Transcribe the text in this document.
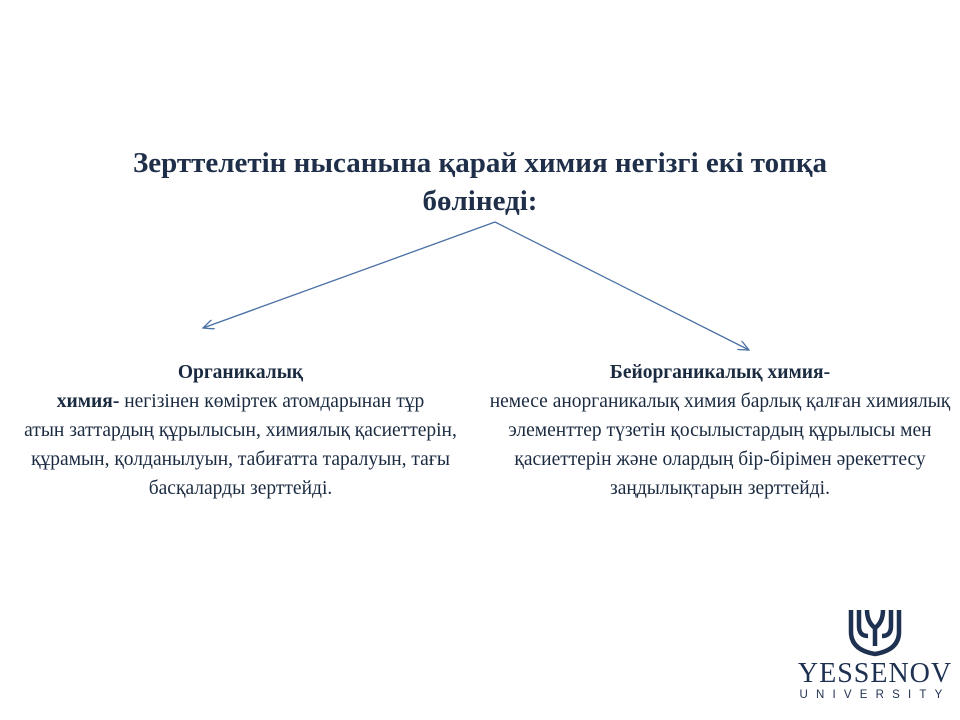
Зерттелетін нысанына қарай химия негізгі екі топқа бөлінеді:
Органикалық
химия- негізінен көміртек атомдарынан тұр
атын заттардың құрылысын, химиялық қасиеттерін, құрамын, қолданылуын, табиғатта таралуын, тағы басқаларды зерттейді.
Бейорганикалық химия-
немесе анорганикалық химия барлық қалған химиялық элементтер түзетін қосылыстардың құрылысы мен қасиеттерін және олардың бір-бірімен әрекеттесу заңдылықтарын зерттейді.
YESSENOV
UNIVERSITY
